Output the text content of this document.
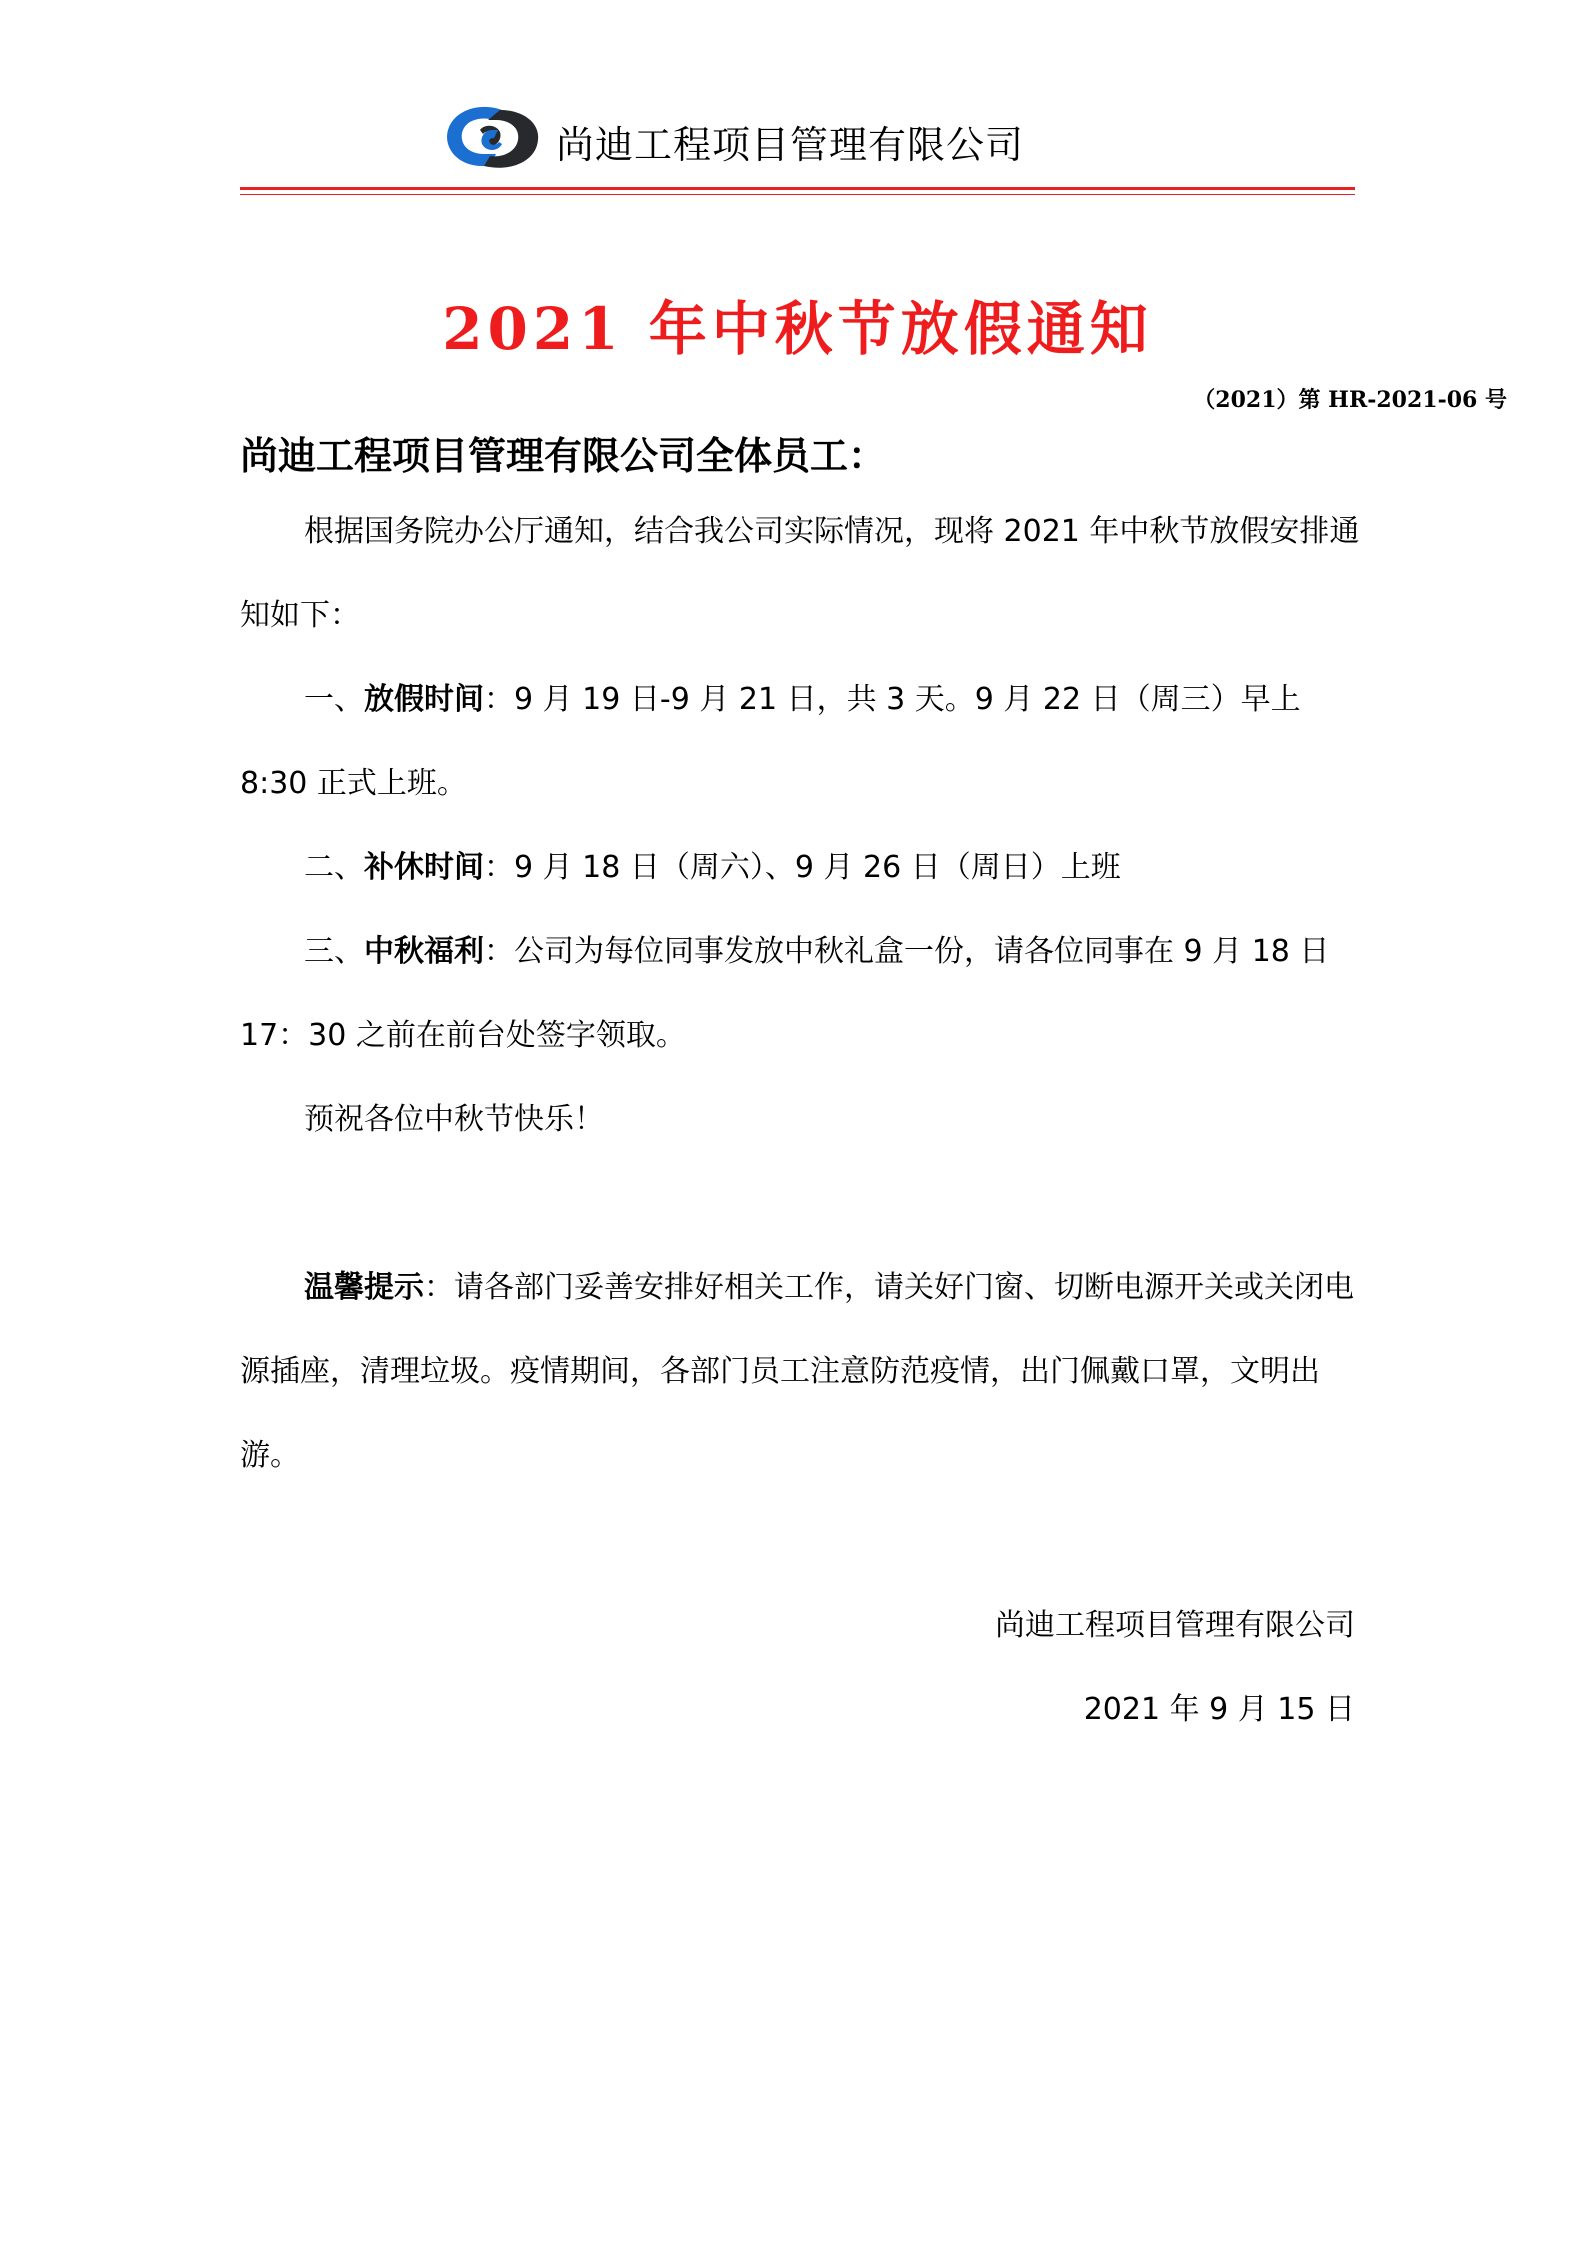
尚迪工程项目管理有限公司
2021 年中秋节放假通知
（2021）第 HR-2021-06 号
尚迪工程项目管理有限公司全体员工：
根据国务院办公厅通知，结合我公司实际情况，现将 2021 年中秋节放假安排通知如下：
一、放假时间：9 月 19 日-9 月 21 日，共 3 天。9 月 22 日（周三）早上 8:30 正式上班。
二、补休时间：9 月 18 日（周六）、9 月 26 日（周日）上班
三、中秋福利：公司为每位同事发放中秋礼盒一份，请各位同事在 9 月 18 日 17：30 之前在前台处签字领取。
预祝各位中秋节快乐！
温馨提示：请各部门妥善安排好相关工作，请关好门窗、切断电源开关或关闭电源插座，清理垃圾。疫情期间，各部门员工注意防范疫情，出门佩戴口罩，文明出游。
尚迪工程项目管理有限公司
2021 年 9 月 15 日
